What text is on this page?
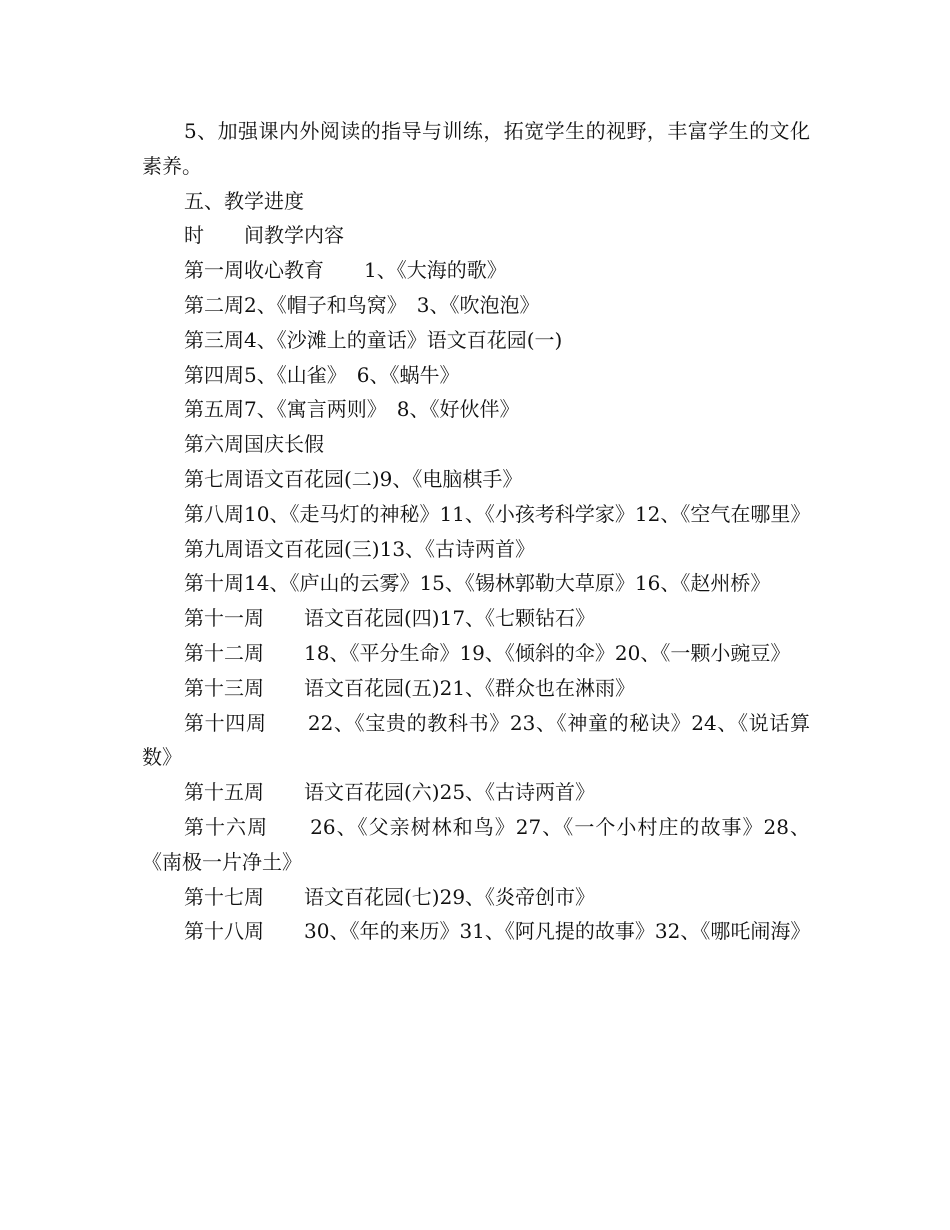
5、加强课内外阅读的指导与训练，拓宽学生的视野，丰富学生的文化素养。

五、教学进度

时　　间教学内容

第一周收心教育　　1、《大海的歌》

第二周2、《帽子和鸟窝》　3、《吹泡泡》

第三周4、《沙滩上的童话》语文百花园(一)

第四周5、《山雀》　6、《蜗牛》

第五周7、《寓言两则》　8、《好伙伴》

第六周国庆长假

第七周语文百花园(二)9、《电脑棋手》

第八周10、《走马灯的神秘》11、《小孩考科学家》12、《空气在哪里》

第九周语文百花园(三)13、《古诗两首》

第十周14、《庐山的云雾》15、《锡林郭勒大草原》16、《赵州桥》

第十一周　　语文百花园(四)17、《七颗钻石》

第十二周　　18、《平分生命》19、《倾斜的伞》20、《一颗小豌豆》

第十三周　　语文百花园(五)21、《群众也在淋雨》

第十四周　　22、《宝贵的教科书》23、《神童的秘诀》24、《说话算数》

第十五周　　语文百花园(六)25、《古诗两首》

第十六周　　26、《父亲树林和鸟》27、《一个小村庄的故事》28、《南极一片净土》

第十七周　　语文百花园(七)29、《炎帝创市》

第十八周　　30、《年的来历》31、《阿凡提的故事》32、《哪吒闹海》
